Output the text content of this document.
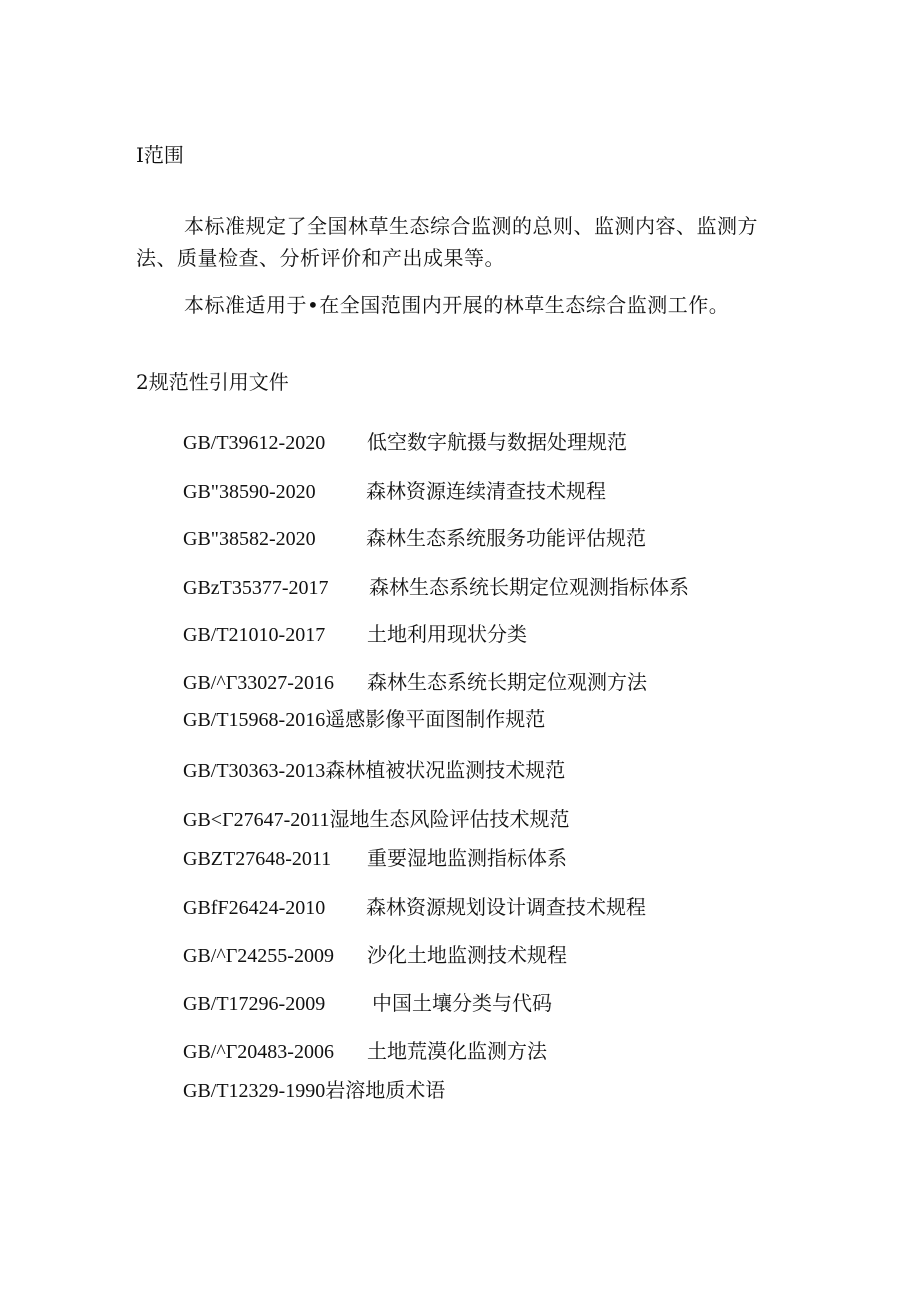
I范围
本标准规定了全国林草生态综合监测的总则、监测内容、监测方法、质量检查、分析评价和产出成果等。
本标准适用于•在全国范围内开展的林草生态综合监测工作。
2规范性引用文件
GB/T39612-2020 低空数字航摄与数据处理规范
GB"38590-2020	森林资源连续清查技术规程
GB"38582-2020	森林生态系统服务功能评估规范
GBzT35377-2017 森林生态系统长期定位观测指标体系
GB/T21010-2017 土地利用现状分类
GB/^Γ33027-2016 森林生态系统长期定位观测方法
GB/T15968-2016遥感影像平面图制作规范
GB/T30363-2013森林植被状况监测技术规范
GB<Γ27647-2011湿地生态风险评估技术规范
GBZT27648-2011 重要湿地监测指标体系
GBfF26424-2010 森林资源规划设计调查技术规程
GB/^Γ24255-2009 沙化土地监测技术规程
GB/T17296-2009 中国土壤分类与代码
GB/^Γ20483-2006 土地荒漠化监测方法
GB/T12329-1990岩溶地质术语
